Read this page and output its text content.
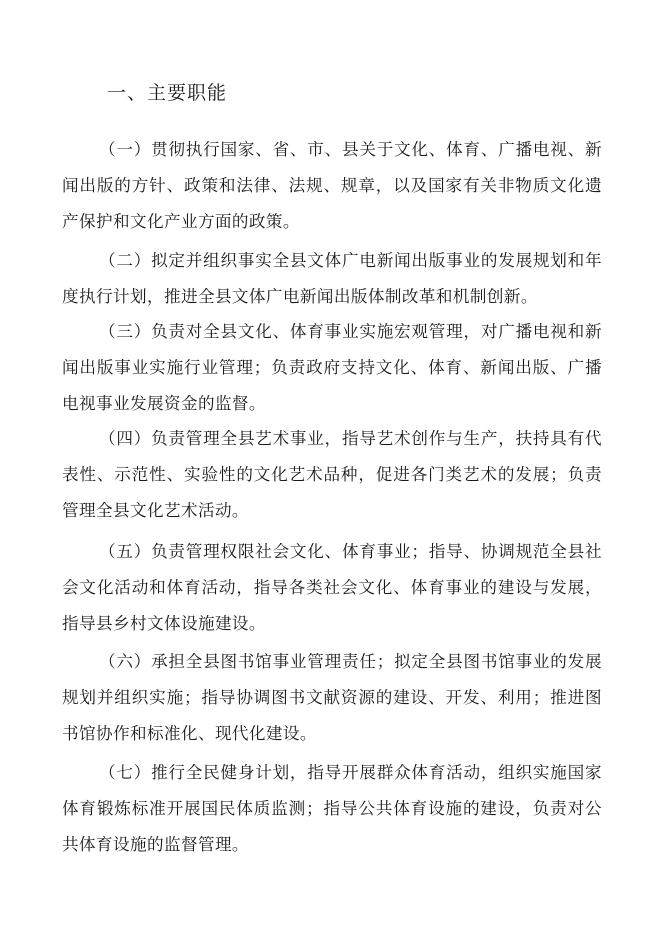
一、主要职能

（一）贯彻执行国家、省、市、县关于文化、体育、广播电视、新闻出版的方针、政策和法律、法规、规章，以及国家有关非物质文化遗产保护和文化产业方面的政策。

（二）拟定并组织事实全县文体广电新闻出版事业的发展规划和年度执行计划，推进全县文体广电新闻出版体制改革和机制创新。

（三）负责对全县文化、体育事业实施宏观管理，对广播电视和新闻出版事业实施行业管理；负责政府支持文化、体育、新闻出版、广播电视事业发展资金的监督。

（四）负责管理全县艺术事业，指导艺术创作与生产，扶持具有代表性、示范性、实验性的文化艺术品种，促进各门类艺术的发展；负责管理全县文化艺术活动。

（五）负责管理权限社会文化、体育事业；指导、协调规范全县社会文化活动和体育活动，指导各类社会文化、体育事业的建设与发展，指导县乡村文体设施建设。

（六）承担全县图书馆事业管理责任；拟定全县图书馆事业的发展规划并组织实施；指导协调图书文献资源的建设、开发、利用；推进图书馆协作和标准化、现代化建设。

（七）推行全民健身计划，指导开展群众体育活动，组织实施国家体育锻炼标准开展国民体质监测；指导公共体育设施的建设，负责对公共体育设施的监督管理。
